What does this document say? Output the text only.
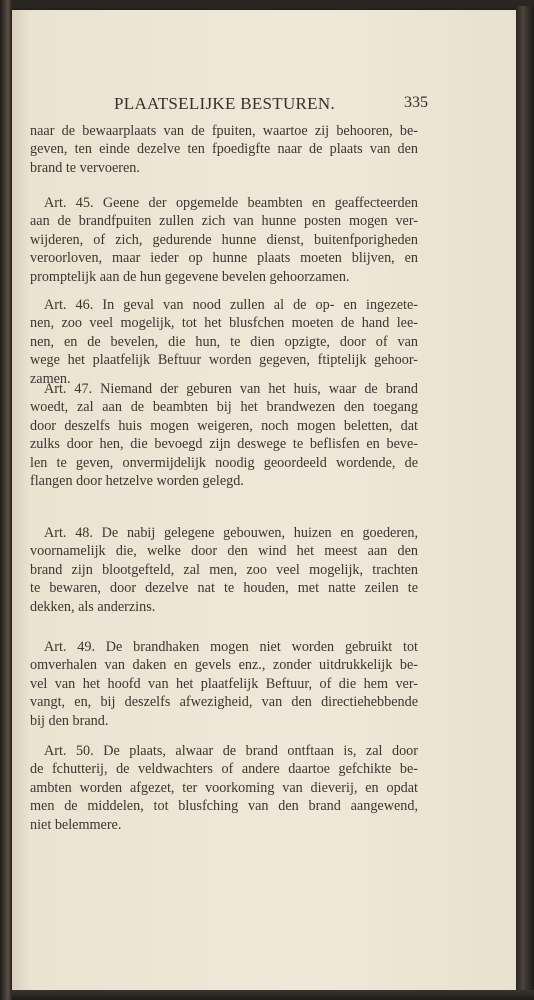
PLAATSELIJKE BESTUREN.	335
naar de bewaarplaats van de fpuiten, waartoe zij behooren, be-
geven, ten einde dezelve ten fpoedigfte naar de plaats van den
brand te vervoeren.
Art. 45. Geene der opgemelde beambten en geaffecteerden
aan de brandfpuiten zullen zich van hunne posten mogen ver-
wijderen, of zich, gedurende hunne dienst, buitenfporigheden
veroorloven, maar ieder op hunne plaats moeten blijven, en
promptelijk aan de hun gegevene bevelen gehoorzamen.
Art. 46. In geval van nood zullen al de op- en ingezete-
nen, zoo veel mogelijk, tot het blusfchen moeten de hand lee-
nen, en de bevelen, die hun, te dien opzigte, door of van
wege het plaatfelijk Beftuur worden gegeven, ftiptelijk gehoor-
zamen.
Art. 47. Niemand der geburen van het huis, waar de brand
woedt, zal aan de beambten bij het brandwezen den toegang
door deszelfs huis mogen weigeren, noch mogen beletten, dat
zulks door hen, die bevoegd zijn deswege te beflisfen en beve-
len te geven, onvermijdelijk noodig geoordeeld wordende, de
flangen door hetzelve worden gelegd.
Art. 48. De nabij gelegene gebouwen, huizen en goederen,
voornamelijk die, welke door den wind het meest aan den
brand zijn blootgefteld, zal men, zoo veel mogelijk, trachten
te bewaren, door dezelve nat te houden, met natte zeilen te
dekken, als anderzins.
Art. 49. De brandhaken mogen niet worden gebruikt tot
omverhalen van daken en gevels enz., zonder uitdrukkelijk be-
vel van het hoofd van het plaatfelijk Beftuur, of die hem ver-
vangt, en, bij deszelfs afwezigheid, van den directiehebbende
bij den brand.
Art. 50. De plaats, alwaar de brand ontftaan is, zal door
de fchutterij, de veldwachters of andere daartoe gefchikte be-
ambten worden afgezet, ter voorkoming van dieverij, en opdat
men de middelen, tot blusfching van den brand aangewend,
niet belemmere.
